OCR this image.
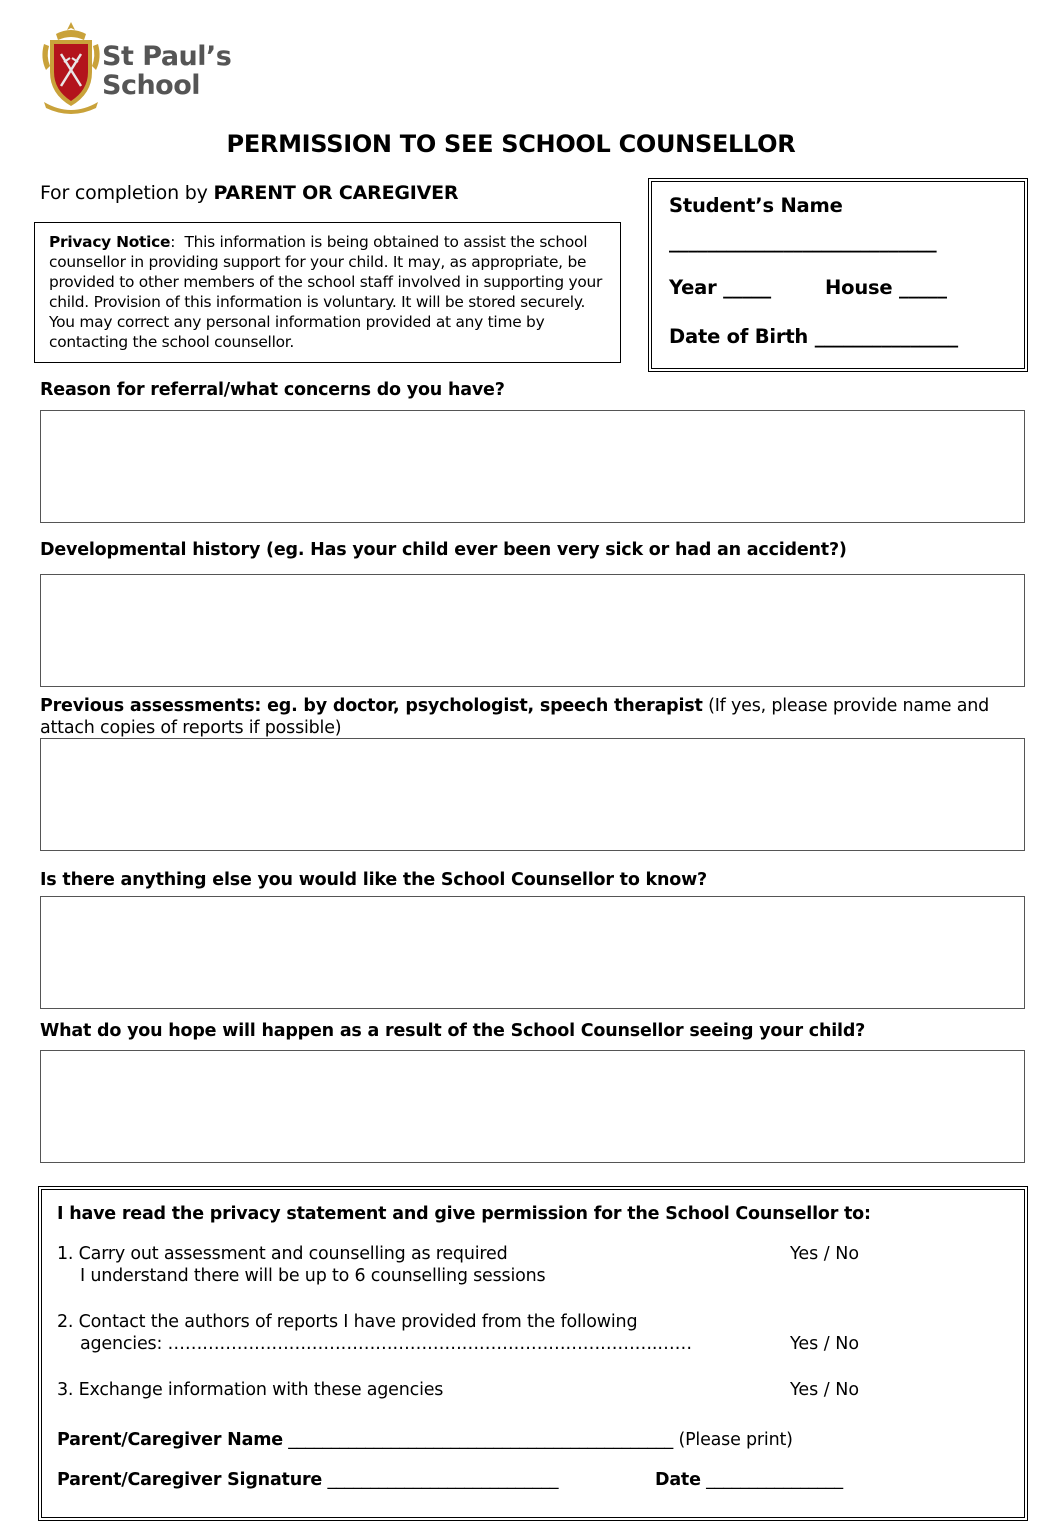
St Paul’s
School
PERMISSION TO SEE SCHOOL COUNSELLOR
For completion by PARENT OR CAREGIVER
Privacy Notice:  This information is being obtained to assist the school counsellor in providing support for your child. It may, as appropriate, be provided to other members of the school staff involved in supporting your child. Provision of this information is voluntary. It will be stored securely. You may correct any personal information provided at any time by contacting the school counsellor.
Student’s Name
____________________________
Year _____	House _____
Date of Birth _______________
Reason for referral/what concerns do you have?
Developmental history (eg. Has your child ever been very sick or had an accident?)
Previous assessments: eg. by doctor, psychologist, speech therapist (If yes, please provide name and attach copies of reports if possible)
Is there anything else you would like the School Counsellor to know?
What do you hope will happen as a result of the School Counsellor seeing your child?
I have read the privacy statement and give permission for the School Counsellor to:
1. Carry out assessment and counselling as required
I understand there will be up to 6 counselling sessions
Yes / No
2. Contact the authors of reports I have provided from the following
agencies: ………………………………………………………………………….……	Yes / No
3. Exchange information with these agencies	Yes / No
Parent/Caregiver Name _____________________________________________ (Please print)
Parent/Caregiver Signature ___________________________	Date ________________
